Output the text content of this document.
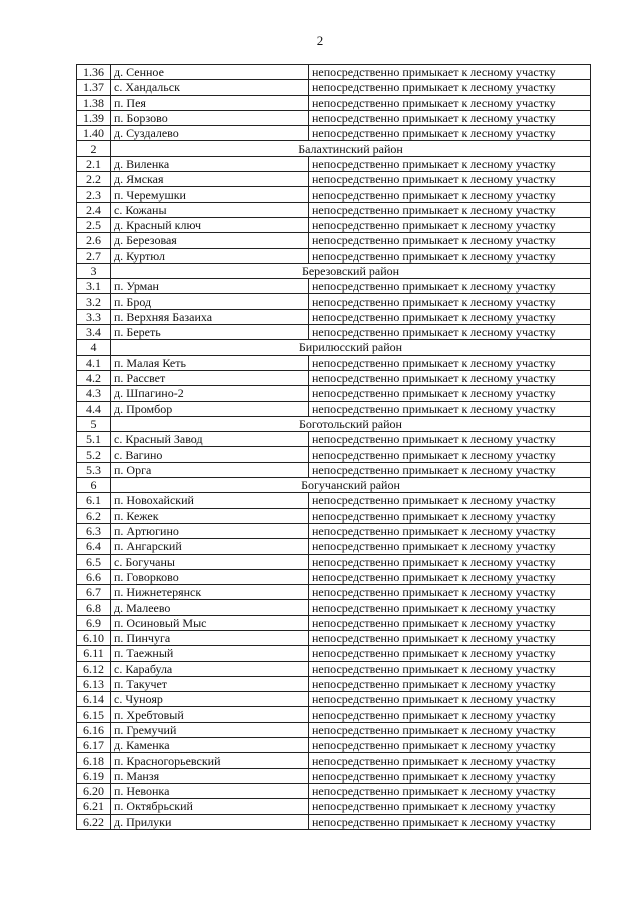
2
1.36	д. Сенное	непосредственно примыкает к лесному участку
1.37	с. Хандальск	непосредственно примыкает к лесному участку
1.38	п. Пея	непосредственно примыкает к лесному участку
1.39	п. Борзово	непосредственно примыкает к лесному участку
1.40	д. Суздалево	непосредственно примыкает к лесному участку
2	Балахтинский район	
2.1	д. Виленка	непосредственно примыкает к лесному участку
2.2	д. Ямская	непосредственно примыкает к лесному участку
2.3	п. Черемушки	непосредственно примыкает к лесному участку
2.4	с. Кожаны	непосредственно примыкает к лесному участку
2.5	д. Красный ключ	непосредственно примыкает к лесному участку
2.6	д. Березовая	непосредственно примыкает к лесному участку
2.7	д. Куртюл	непосредственно примыкает к лесному участку
3	Березовский район	
3.1	п. Урман	непосредственно примыкает к лесному участку
3.2	п. Брод	непосредственно примыкает к лесному участку
3.3	п. Верхняя Базаиха	непосредственно примыкает к лесному участку
3.4	п. Береть	непосредственно примыкает к лесному участку
4	Бирилюсский район	
4.1	п. Малая Кеть	непосредственно примыкает к лесному участку
4.2	п. Рассвет	непосредственно примыкает к лесному участку
4.3	д. Шпагино-2	непосредственно примыкает к лесному участку
4.4	д. Промбор	непосредственно примыкает к лесному участку
5	Боготольский район	
5.1	с. Красный Завод	непосредственно примыкает к лесному участку
5.2	с. Вагино	непосредственно примыкает к лесному участку
5.3	п. Орга	непосредственно примыкает к лесному участку
6	Богучанский район	
6.1	п. Новохайский	непосредственно примыкает к лесному участку
6.2	п. Кежек	непосредственно примыкает к лесному участку
6.3	п. Артюгино	непосредственно примыкает к лесному участку
6.4	п. Ангарский	непосредственно примыкает к лесному участку
6.5	с. Богучаны	непосредственно примыкает к лесному участку
6.6	п. Говорково	непосредственно примыкает к лесному участку
6.7	п. Нижнетерянск	непосредственно примыкает к лесному участку
6.8	д. Малеево	непосредственно примыкает к лесному участку
6.9	п. Осиновый Мыс	непосредственно примыкает к лесному участку
6.10	п. Пинчуга	непосредственно примыкает к лесному участку
6.11	п. Таежный	непосредственно примыкает к лесному участку
6.12	с. Карабула	непосредственно примыкает к лесному участку
6.13	п. Такучет	непосредственно примыкает к лесному участку
6.14	с. Чунояр	непосредственно примыкает к лесному участку
6.15	п. Хребтовый	непосредственно примыкает к лесному участку
6.16	п. Гремучий	непосредственно примыкает к лесному участку
6.17	д. Каменка	непосредственно примыкает к лесному участку
6.18	п. Красногорьевский	непосредственно примыкает к лесному участку
6.19	п. Манзя	непосредственно примыкает к лесному участку
6.20	п. Невонка	непосредственно примыкает к лесному участку
6.21	п. Октябрьский	непосредственно примыкает к лесному участку
6.22	д. Прилуки	непосредственно примыкает к лесному участку
